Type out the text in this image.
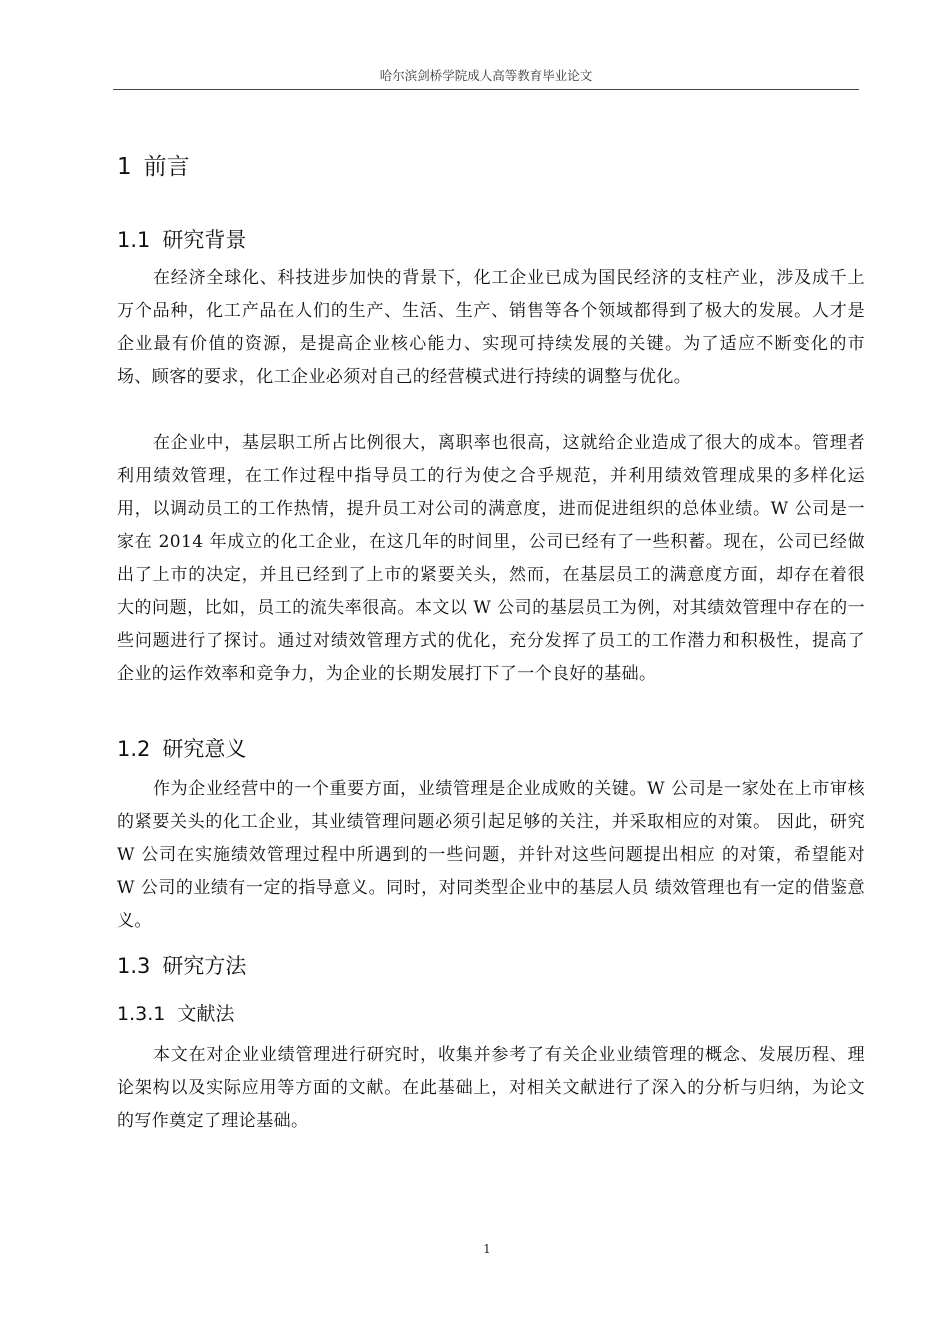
哈尔滨剑桥学院成人高等教育毕业论文
1 前言
1.1 研究背景

在经济全球化、科技进步加快的背景下，化工企业已成为国民经济的支柱产业，涉及成千上万个品种，化工产品在人们的生产、生活、生产、销售等各个领域都得到了极大的发展。人才是企业最有价值的资源，是提高企业核心能力、实现可持续发展的关键。为了适应不断变化的市场、顾客的要求，化工企业必须对自己的经营模式进行持续的调整与优化。

在企业中，基层职工所占比例很大，离职率也很高，这就给企业造成了很大的成本。管理者利用绩效管理，在工作过程中指导员工的行为使之合乎规范，并利用绩效管理成果的多样化运用，以调动员工的工作热情，提升员工对公司的满意度，进而促进组织的总体业绩。W 公司是一家在 2014 年成立的化工企业，在这几年的时间里，公司已经有了一些积蓄。现在，公司已经做出了上市的决定，并且已经到了上市的紧要关头，然而，在基层员工的满意度方面，却存在着很大的问题，比如，员工的流失率很高。本文以 W 公司的基层员工为例，对其绩效管理中存在的一些问题进行了探讨。通过对绩效管理方式的优化，充分发挥了员工的工作潜力和积极性，提高了企业的运作效率和竞争力，为企业的长期发展打下了一个良好的基础。

1.2 研究意义

作为企业经营中的一个重要方面，业绩管理是企业成败的关键。W 公司是一家处在上市审核的紧要关头的化工企业，其业绩管理问题必须引起足够的关注，并采取相应的对策。 因此，研究 W 公司在实施绩效管理过程中所遇到的一些问题，并针对这些问题提出相应 的对策，希望能对 W 公司的业绩有一定的指导意义。同时，对同类型企业中的基层人员 绩效管理也有一定的借鉴意义。

1.3 研究方法
1.3.1 文献法

本文在对企业业绩管理进行研究时，收集并参考了有关企业业绩管理的概念、发展历程、理论架构以及实际应用等方面的文献。在此基础上，对相关文献进行了深入的分析与归纳，为论文的写作奠定了理论基础。

1
